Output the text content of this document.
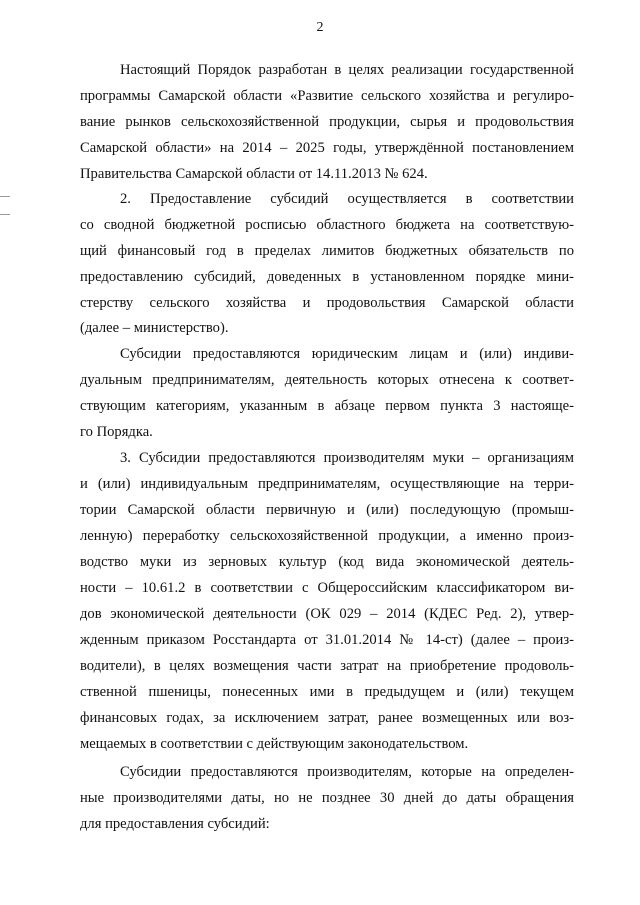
2
Настоящий Порядок разработан в целях реализации государственной
программы Самарской области «Развитие сельского хозяйства и регулиро-
вание рынков сельскохозяйственной продукции, сырья и продовольствия
Самарской области» на 2014 – 2025 годы, утверждённой постановлением
Правительства Самарской области от 14.11.2013 № 624.
2. Предоставление субсидий осуществляется в соответствии
со сводной бюджетной росписью областного бюджета на соответствую-
щий финансовый год в пределах лимитов бюджетных обязательств по
предоставлению субсидий, доведенных в установленном порядке мини-
стерству сельского хозяйства и продовольствия Самарской области
(далее – министерство).
Субсидии предоставляются юридическим лицам и (или) индиви-
дуальным предпринимателям, деятельность которых отнесена к соответ-
ствующим категориям, указанным в абзаце первом пункта 3 настояще-
го Порядка.
3. Субсидии предоставляются производителям муки – организациям
и (или) индивидуальным предпринимателям, осуществляющие на терри-
тории Самарской области первичную и (или) последующую (промыш-
ленную) переработку сельскохозяйственной продукции, а именно произ-
водство муки из зерновых культур (код вида экономической деятель-
ности – 10.61.2 в соответствии с Общероссийским классификатором ви-
дов экономической деятельности (ОК 029 – 2014 (КДЕС Ред. 2), утвер-
жденным приказом Росстандарта от 31.01.2014 № 14-ст) (далее – произ-
водители), в целях возмещения части затрат на приобретение продоволь-
ственной пшеницы, понесенных ими в предыдущем и (или) текущем
финансовых годах, за исключением затрат, ранее возмещенных или воз-
мещаемых в соответствии с действующим законодательством.
Субсидии предоставляются производителям, которые на определен-
ные производителями даты, но не позднее 30 дней до даты обращения
для предоставления субсидий:
